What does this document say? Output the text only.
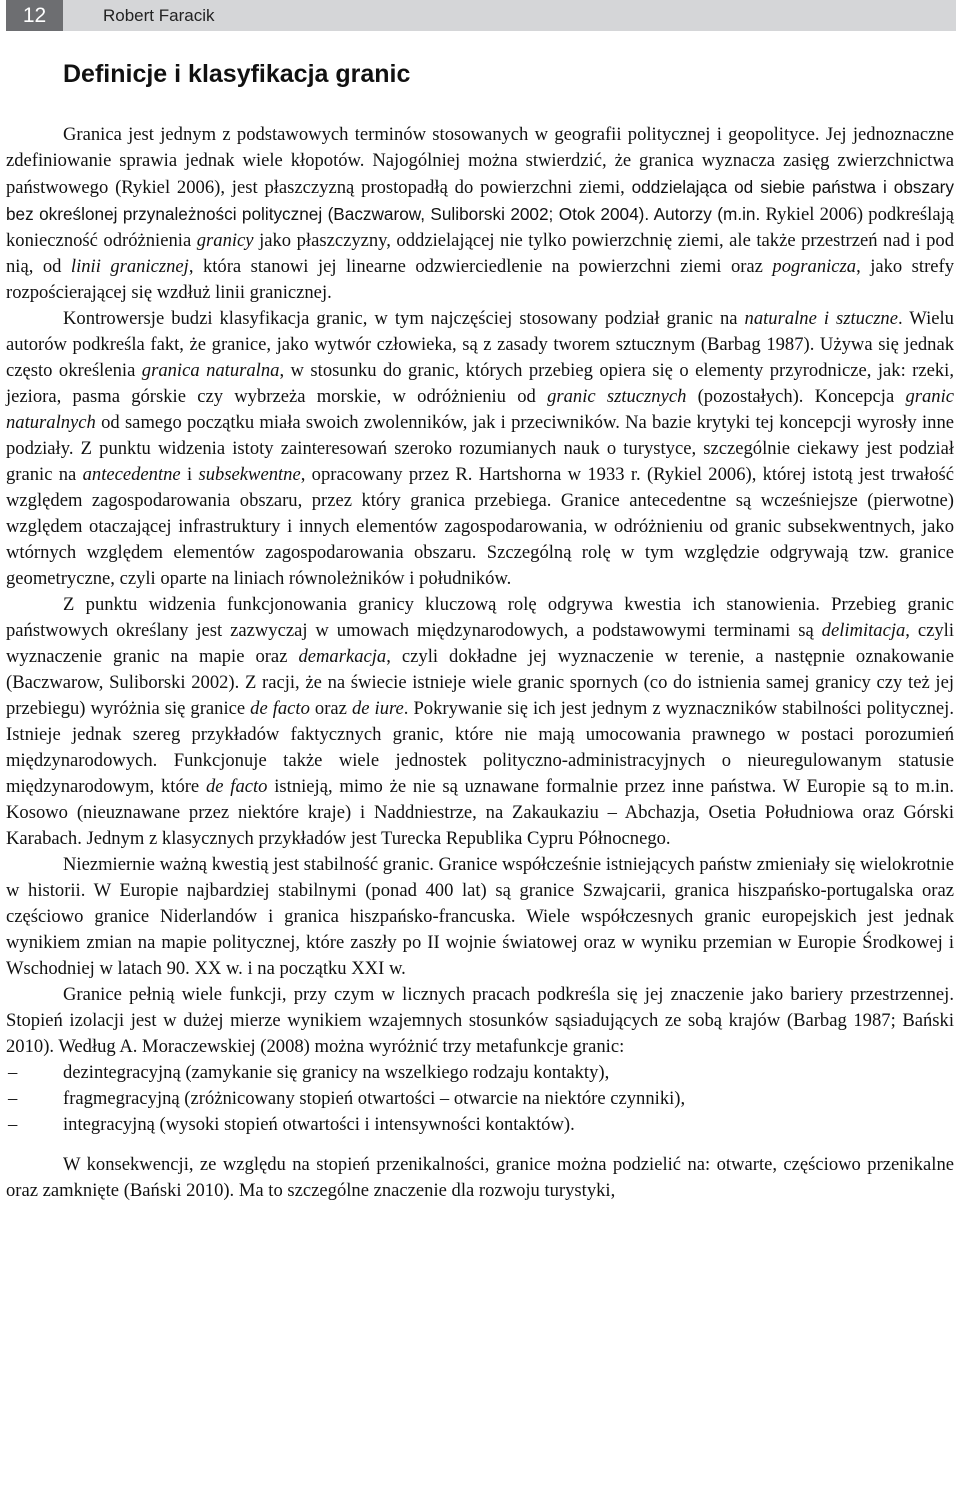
12	Robert Faracik
Definicje i klasyfikacja granic

Granica jest jednym z podstawowych terminów stosowanych w geografii politycznej i geopolityce. Jej jednoznaczne zdefiniowanie sprawia jednak wiele kłopotów. Najogólniej można stwierdzić, że granica wyznacza zasięg zwierzchnictwa państwowego (Rykiel 2006), jest płaszczyzną prostopadłą do powierzchni ziemi, oddzielająca od siebie państwa i obszary bez określonej przynależności politycznej (Baczwarow, Suliborski 2002; Otok 2004). Autorzy (m.in. Rykiel 2006) podkreślają konieczność odróżnienia granicy jako płaszczyzny, oddzielającej nie tylko powierzchnię ziemi, ale także przestrzeń nad i pod nią, od linii granicznej, która stanowi jej linearne odzwierciedlenie na powierzchni ziemi oraz pogranicza, jako strefy rozpościerającej się wzdłuż linii granicznej.

Kontrowersje budzi klasyfikacja granic, w tym najczęściej stosowany podział granic na naturalne i sztuczne. Wielu autorów podkreśla fakt, że granice, jako wytwór człowieka, są z zasady tworem sztucznym (Barbag 1987). Używa się jednak często określenia granica naturalna, w stosunku do granic, których przebieg opiera się o elementy przyrodnicze, jak: rzeki, jeziora, pasma górskie czy wybrzeża morskie, w odróżnieniu od granic sztucznych (pozostałych). Koncepcja granic naturalnych od samego początku miała swoich zwolenników, jak i przeciwników. Na bazie krytyki tej koncepcji wyrosły inne podziały. Z punktu widzenia istoty zainteresowań szeroko rozumianych nauk o turystyce, szczególnie ciekawy jest podział granic na antecedentne i subsekwentne, opracowany przez R. Hartshorna w 1933 r. (Rykiel 2006), której istotą jest trwałość względem zagospodarowania obszaru, przez który granica przebiega. Granice antecedentne są wcześniejsze (pierwotne) względem otaczającej infrastruktury i innych elementów zagospodarowania, w odróżnieniu od granic subsekwentnych, jako wtórnych względem elementów zagospodarowania obszaru. Szczególną rolę w tym względzie odgrywają tzw. granice geometryczne, czyli oparte na liniach równoleżników i południków.

Z punktu widzenia funkcjonowania granicy kluczową rolę odgrywa kwestia ich stanowienia. Przebieg granic państwowych określany jest zazwyczaj w umowach międzynarodowych, a podstawowymi terminami są delimitacja, czyli wyznaczenie granic na mapie oraz demarkacja, czyli dokładne jej wyznaczenie w terenie, a następnie oznakowanie (Baczwarow, Suliborski 2002). Z racji, że na świecie istnieje wiele granic spornych (co do istnienia samej granicy czy też jej przebiegu) wyróżnia się granice de facto oraz de iure. Pokrywanie się ich jest jednym z wyznaczników stabilności politycznej. Istnieje jednak szereg przykładów faktycznych granic, które nie mają umocowania prawnego w postaci porozumień międzynarodowych. Funkcjonuje także wiele jednostek polityczno-administracyjnych o nieuregulowanym statusie międzynarodowym, które de facto istnieją, mimo że nie są uznawane formalnie przez inne państwa. W Europie są to m.in. Kosowo (nieuznawane przez niektóre kraje) i Naddniestrze, na Zakaukaziu – Abchazja, Osetia Południowa oraz Górski Karabach. Jednym z klasycznych przykładów jest Turecka Republika Cypru Północnego.

Niezmiernie ważną kwestią jest stabilność granic. Granice współcześnie istniejących państw zmieniały się wielokrotnie w historii. W Europie najbardziej stabilnymi (ponad 400 lat) są granice Szwajcarii, granica hiszpańsko-portugalska oraz częściowo granice Niderlandów i granica hiszpańsko-francuska. Wiele współczesnych granic europejskich jest jednak wynikiem zmian na mapie politycznej, które zaszły po II wojnie światowej oraz w wyniku przemian w Europie Środkowej i Wschodniej w latach 90. XX w. i na początku XXI w.

Granice pełnią wiele funkcji, przy czym w licznych pracach podkreśla się jej znaczenie jako bariery przestrzennej. Stopień izolacji jest w dużej mierze wynikiem wzajemnych stosunków sąsiadujących ze sobą krajów (Barbag 1987; Bański 2010). Według A. Moraczewskiej (2008) można wyróżnić trzy metafunkcje granic:

– dezintegracyjną (zamykanie się granicy na wszelkiego rodzaju kontakty),
– fragmegracyjną (zróżnicowany stopień otwartości – otwarcie na niektóre czynniki),
– integracyjną (wysoki stopień otwartości i intensywności kontaktów).

W konsekwencji, ze względu na stopień przenikalności, granice można podzielić na: otwarte, częściowo przenikalne oraz zamknięte (Bański 2010). Ma to szczególne znaczenie dla rozwoju turystyki,
